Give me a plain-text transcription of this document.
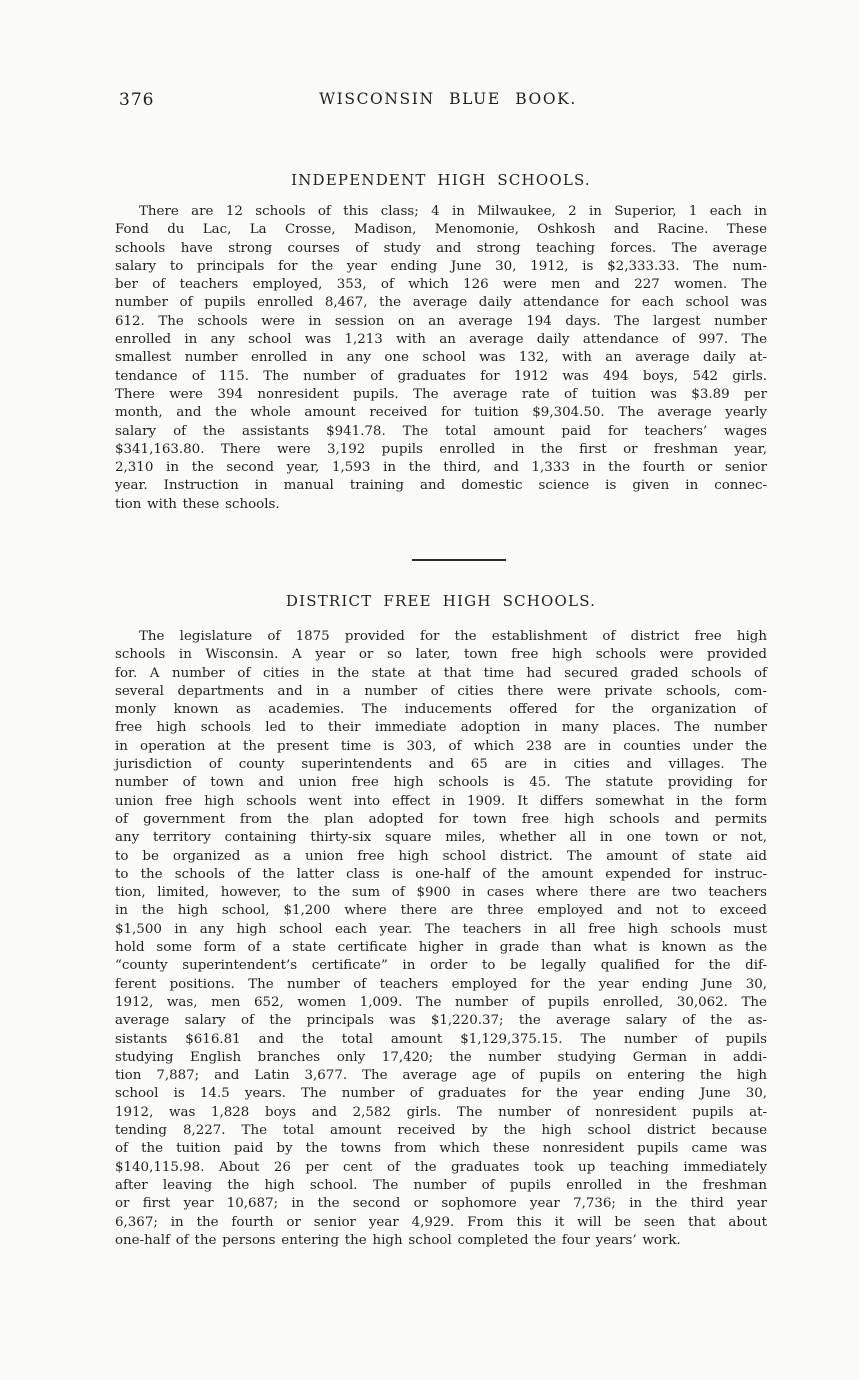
376	WISCONSIN BLUE BOOK.
INDEPENDENT HIGH SCHOOLS.
There are 12 schools of this class; 4 in Milwaukee, 2 in Superior, 1 each in
Fond du Lac, La Crosse, Madison, Menomonie, Oshkosh and Racine. These
schools have strong courses of study and strong teaching forces. The average
salary to principals for the year ending June 30, 1912, is $2,333.33. The num-
ber of teachers employed, 353, of which 126 were men and 227 women. The
number of pupils enrolled 8,467, the average daily attendance for each school was
612. The schools were in session on an average 194 days. The largest number
enrolled in any school was 1,213 with an average daily attendance of 997. The
smallest number enrolled in any one school was 132, with an average daily at-
tendance of 115. The number of graduates for 1912 was 494 boys, 542 girls.
There were 394 nonresident pupils. The average rate of tuition was $3.89 per
month, and the whole amount received for tuition $9,304.50. The average yearly
salary of the assistants $941.78. The total amount paid for teachers’ wages
$341,163.80. There were 3,192 pupils enrolled in the first or freshman year,
2,310 in the second year, 1,593 in the third, and 1,333 in the fourth or senior
year. Instruction in manual training and domestic science is given in connec-
tion with these schools.
DISTRICT FREE HIGH SCHOOLS.
The legislature of 1875 provided for the establishment of district free high
schools in Wisconsin. A year or so later, town free high schools were provided
for. A number of cities in the state at that time had secured graded schools of
several departments and in a number of cities there were private schools, com-
monly known as academies. The inducements offered for the organization of
free high schools led to their immediate adoption in many places. The number
in operation at the present time is 303, of which 238 are in counties under the
jurisdiction of county superintendents and 65 are in cities and villages. The
number of town and union free high schools is 45. The statute providing for
union free high schools went into effect in 1909. It differs somewhat in the form
of government from the plan adopted for town free high schools and permits
any territory containing thirty-six square miles, whether all in one town or not,
to be organized as a union free high school district. The amount of state aid
to the schools of the latter class is one-half of the amount expended for instruc-
tion, limited, however, to the sum of $900 in cases where there are two teachers
in the high school, $1,200 where there are three employed and not to exceed
$1,500 in any high school each year. The teachers in all free high schools must
hold some form of a state certificate higher in grade than what is known as the
“county superintendent’s certificate” in order to be legally qualified for the dif-
ferent positions. The number of teachers employed for the year ending June 30,
1912, was, men 652, women 1,009. The number of pupils enrolled, 30,062. The
average salary of the principals was $1,220.37; the average salary of the as-
sistants $616.81 and the total amount $1,129,375.15. The number of pupils
studying English branches only 17,420; the number studying German in addi-
tion 7,887; and Latin 3,677. The average age of pupils on entering the high
school is 14.5 years. The number of graduates for the year ending June 30,
1912, was 1,828 boys and 2,582 girls. The number of nonresident pupils at-
tending 8,227. The total amount received by the high school district because
of the tuition paid by the towns from which these nonresident pupils came was
$140,115.98. About 26 per cent of the graduates took up teaching immediately
after leaving the high school. The number of pupils enrolled in the freshman
or first year 10,687; in the second or sophomore year 7,736; in the third year
6,367; in the fourth or senior year 4,929. From this it will be seen that about
one-half of the persons entering the high school completed the four years’ work.
